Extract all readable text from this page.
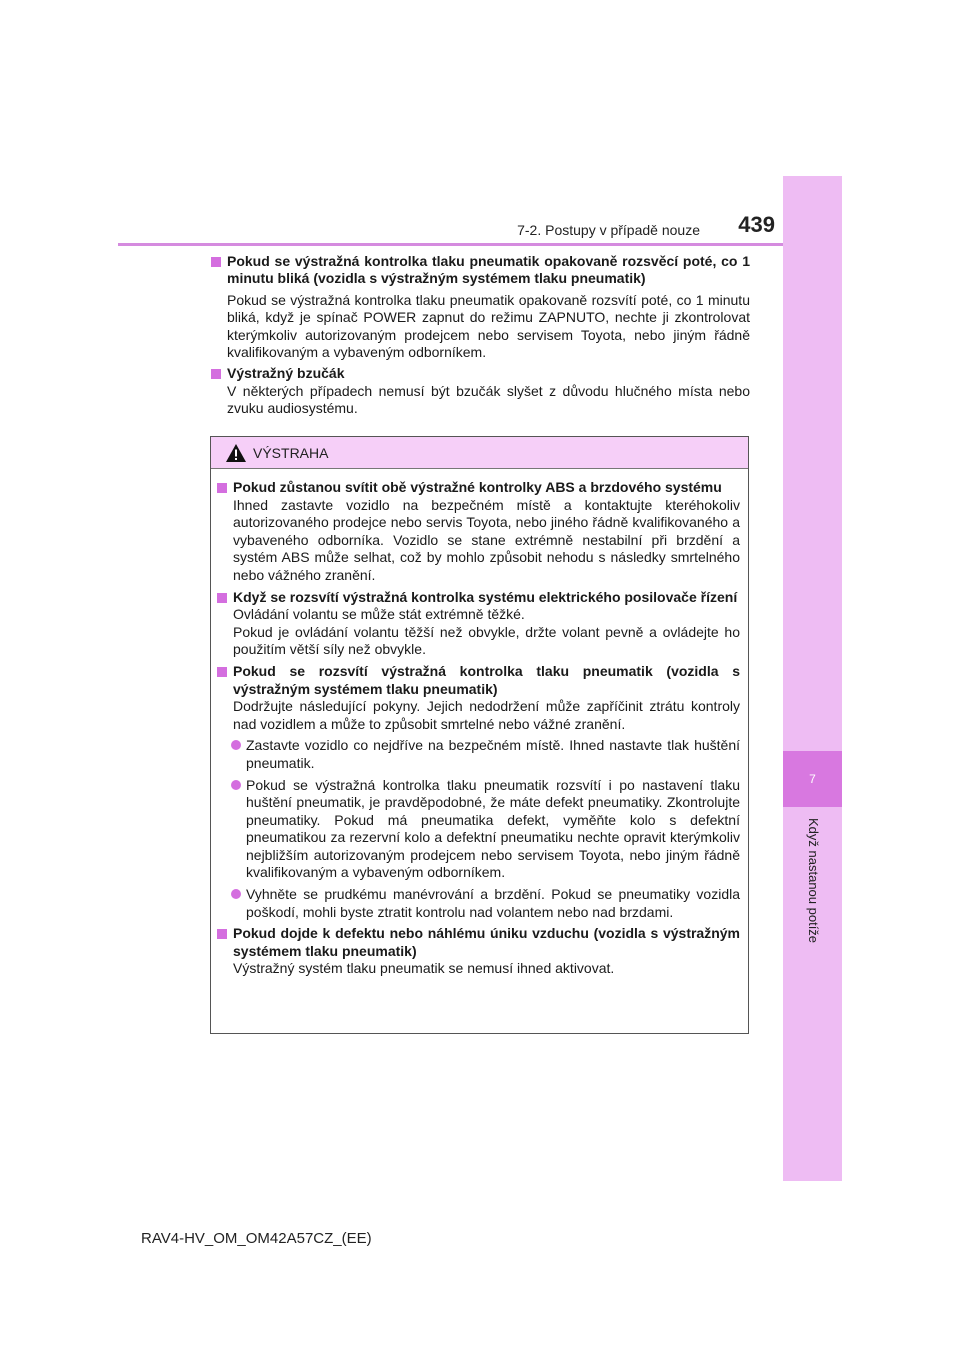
7
Když nastanou potíže
7-2. Postupy v případě nouze	439
Pokud se výstražná kontrolka tlaku pneumatik opakovaně rozsvěcí poté, co 1 minutu bliká (vozidla s výstražným systémem tlaku pneumatik)
Pokud se výstražná kontrolka tlaku pneumatik opakovaně rozsvítí poté, co 1 minutu bliká, když je spínač POWER zapnut do režimu ZAPNUTO, nechte ji zkontrolovat kterýmkoliv autorizovaným prodejcem nebo servisem Toyota, nebo jiným řádně kvalifikovaným a vybaveným odborníkem.
Výstražný bzučák
V některých případech nemusí být bzučák slyšet z důvodu hlučného místa nebo zvuku audiosystému.
VÝSTRAHA
Pokud zůstanou svítit obě výstražné kontrolky ABS a brzdového systému
Ihned zastavte vozidlo na bezpečném místě a kontaktujte kteréhokoliv autorizovaného prodejce nebo servis Toyota, nebo jiného řádně kvalifikovaného a vybaveného odborníka. Vozidlo se stane extrémně nestabilní při brzdění a systém ABS může selhat, což by mohlo způsobit nehodu s následky smrtelného nebo vážného zranění.
Když se rozsvítí výstražná kontrolka systému elektrického posilovače řízení
Ovládání volantu se může stát extrémně těžké.
Pokud je ovládání volantu těžší než obvykle, držte volant pevně a ovládejte ho použitím větší síly než obvykle.
Pokud se rozsvítí výstražná kontrolka tlaku pneumatik (vozidla s výstražným systémem tlaku pneumatik)
Dodržujte následující pokyny. Jejich nedodržení může zapříčinit ztrátu kontroly nad vozidlem a může to způsobit smrtelné nebo vážné zranění.
Zastavte vozidlo co nejdříve na bezpečném místě. Ihned nastavte tlak huštění pneumatik.
Pokud se výstražná kontrolka tlaku pneumatik rozsvítí i po nastavení tlaku huštění pneumatik, je pravděpodobné, že máte defekt pneumatiky. Zkontrolujte pneumatiky. Pokud má pneumatika defekt, vyměňte kolo s defektní pneumatikou za rezervní kolo a defektní pneumatiku nechte opravit kterýmkoliv nejbližším autorizovaným prodejcem nebo servisem Toyota, nebo jiným řádně kvalifikovaným a vybaveným odborníkem.
Vyhněte se prudkému manévrování a brzdění. Pokud se pneumatiky vozidla poškodí, mohli byste ztratit kontrolu nad volantem nebo nad brzdami.
Pokud dojde k defektu nebo náhlému úniku vzduchu (vozidla s výstražným systémem tlaku pneumatik)
Výstražný systém tlaku pneumatik se nemusí ihned aktivovat.
RAV4-HV_OM_OM42A57CZ_(EE)
